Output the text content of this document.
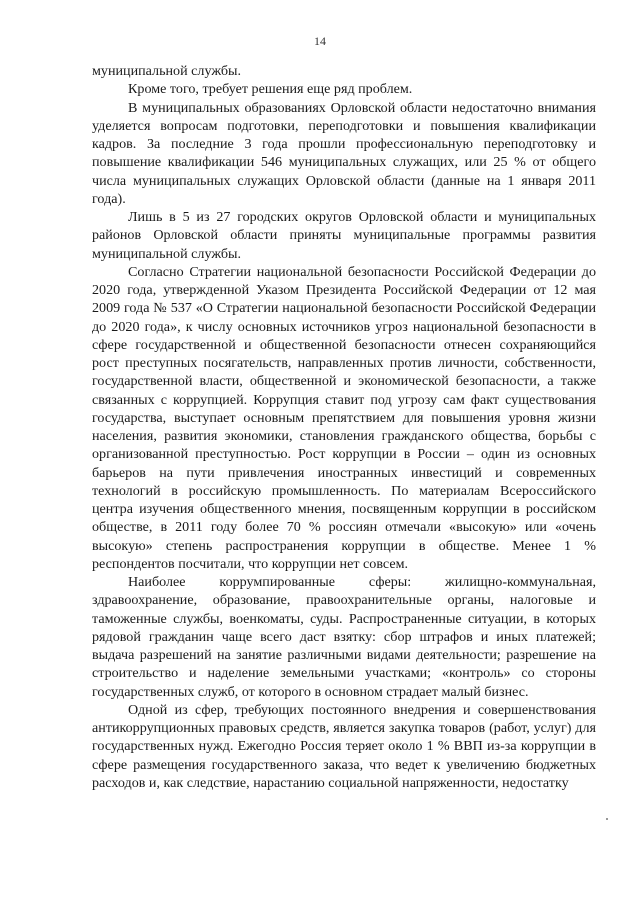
14

муниципальной службы.

Кроме того, требует решения еще ряд проблем.

В муниципальных образованиях Орловской области недостаточно внимания уделяется вопросам подготовки, переподготовки и повышения квалификации кадров. За последние 3 года прошли профессиональную переподготовку и повышение квалификации 546 муниципальных служащих, или 25 % от общего числа муниципальных служащих Орловской области (данные на 1 января 2011 года).

Лишь в 5 из 27 городских округов Орловской области и муниципальных районов Орловской области приняты муниципальные программы развития муниципальной службы.

Согласно Стратегии национальной безопасности Российской Федерации до 2020 года, утвержденной Указом Президента Российской Федерации от 12 мая 2009 года № 537 «О Стратегии национальной безопасности Российской Федерации до 2020 года», к числу основных источников угроз национальной безопасности в сфере государственной и общественной безопасности отнесен сохраняющийся рост преступных посягательств, направленных против личности, собственности, государственной власти, общественной и экономической безопасности, а также связанных с коррупцией. Коррупция ставит под угрозу сам факт существования государства, выступает основным препятствием для повышения уровня жизни населения, развития экономики, становления гражданского общества, борьбы с организованной преступностью. Рост коррупции в России – один из основных барьеров на пути привлечения иностранных инвестиций и современных технологий в российскую промышленность. По материалам Всероссийского центра изучения общественного мнения, посвященным коррупции в российском обществе, в 2011 году более 70 % россиян отмечали «высокую» или «очень высокую» степень распространения коррупции в обществе. Менее 1 % респондентов посчитали, что коррупции нет совсем.

Наиболее коррумпированные сферы: жилищно-коммунальная, здравоохранение, образование, правоохранительные органы, налоговые и таможенные службы, военкоматы, суды. Распространенные ситуации, в которых рядовой гражданин чаще всего даст взятку: сбор штрафов и иных платежей; выдача разрешений на занятие различными видами деятельности; разрешение на строительство и наделение земельными участками; «контроль» со стороны государственных служб, от которого в основном страдает малый бизнес.

Одной из сфер, требующих постоянного внедрения и совершенствования антикоррупционных правовых средств, является закупка товаров (работ, услуг) для государственных нужд. Ежегодно Россия теряет около 1 % ВВП из-за коррупции в сфере размещения государственного заказа, что ведет к увеличению бюджетных расходов и, как следствие, нарастанию социальной напряженности, недостатку
